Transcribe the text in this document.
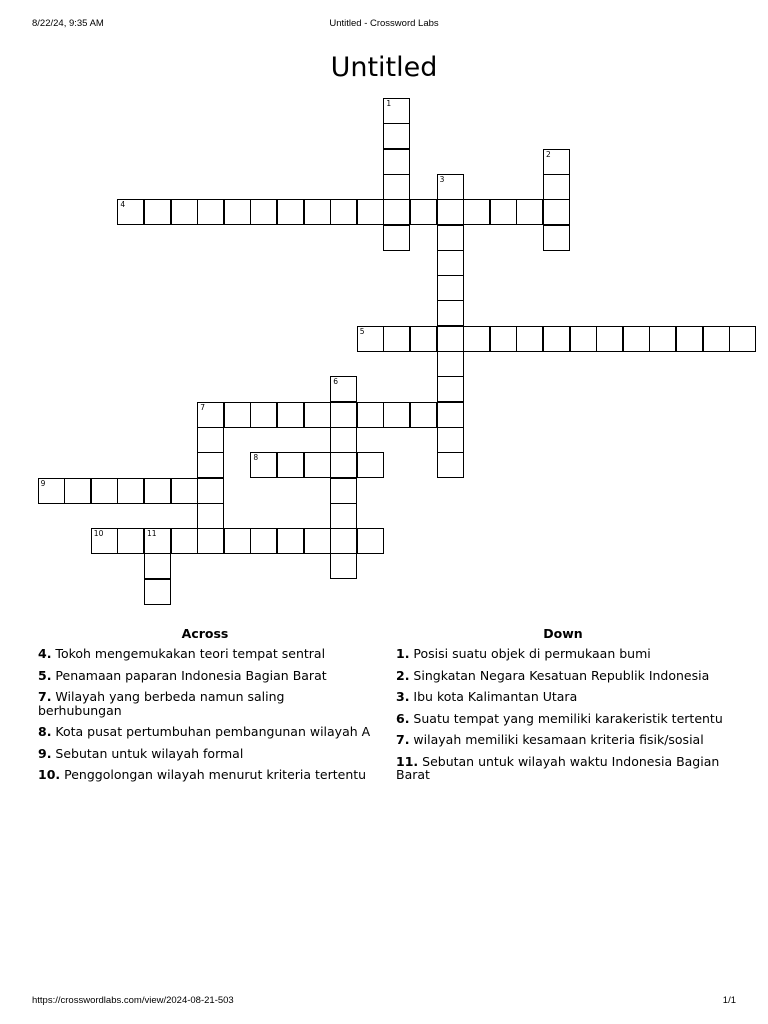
8/22/24, 9:35 AM	Untitled - Crossword Labs
Untitled
1
2
3
4
5
6
7
8
9
10	11
Across
4. Tokoh mengemukakan teori tempat sentral
5. Penamaan paparan Indonesia Bagian Barat
7. Wilayah yang berbeda namun saling berhubungan
8. Kota pusat pertumbuhan pembangunan wilayah A
9. Sebutan untuk wilayah formal
10. Penggolongan wilayah menurut kriteria tertentu
Down
1. Posisi suatu objek di permukaan bumi
2. Singkatan Negara Kesatuan Republik Indonesia
3. Ibu kota Kalimantan Utara
6. Suatu tempat yang memiliki karakeristik tertentu
7. wilayah memiliki kesamaan kriteria fisik/sosial
11. Sebutan untuk wilayah waktu Indonesia Bagian Barat
https://crosswordlabs.com/view/2024-08-21-503	1/1
